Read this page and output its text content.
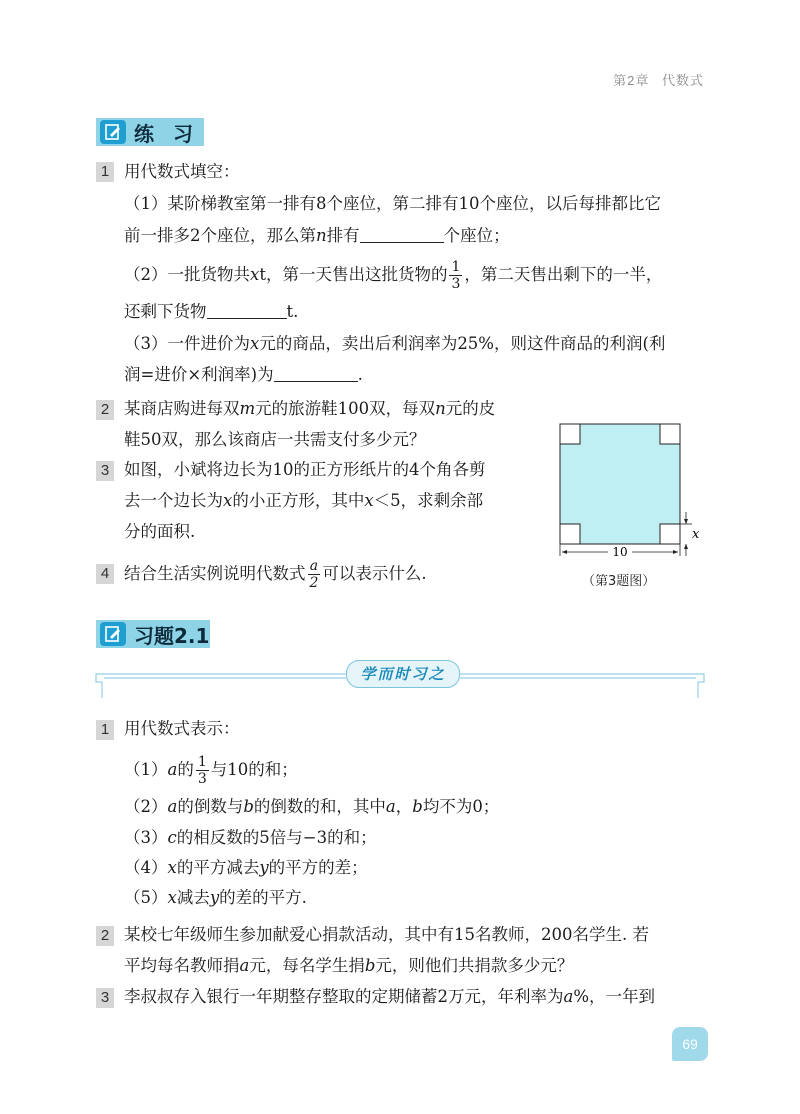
第2章 代数式
练 习
1 用代数式填空：
（1）某阶梯教室第一排有8个座位，第二排有10个座位，以后每排都比它
前一排多2个座位，那么第n排有	个座位；
（2）一批货物共xt，第一天售出这批货物的 $\frac{1}{3}$ ，第二天售出剩下的一半，
还剩下货物	t.
（3）一件进价为x元的商品，卖出后利润率为25%，则这件商品的利润(利
润=进价×利润率)为	.
2 某商店购进每双m元的旅游鞋100双，每双n元的皮
鞋50双，那么该商店一共需支付多少元？
3 如图，小斌将边长为10的正方形纸片的4个角各剪
去一个边长为x的小正方形，其中x＜5，求剩余部
分的面积.
4 结合生活实例说明代数式 $\frac{a}{2}$ 可以表示什么.
10
x
（第3题图）
习题2.1
学而时习之
1 用代数式表示：
（1）a的 $\frac{1}{3}$ 与10的和；
（2）a的倒数与b的倒数的和，其中a，b均不为0；
（3）c的相反数的5倍与−3的和；
（4）x的平方减去y的平方的差；
（5）x减去y的差的平方.
2 某校七年级师生参加献爱心捐款活动，其中有15名教师，200名学生. 若
平均每名教师捐a元，每名学生捐b元，则他们共捐款多少元？
3 李叔叔存入银行一年期整存整取的定期储蓄2万元，年利率为a%，一年到
69
